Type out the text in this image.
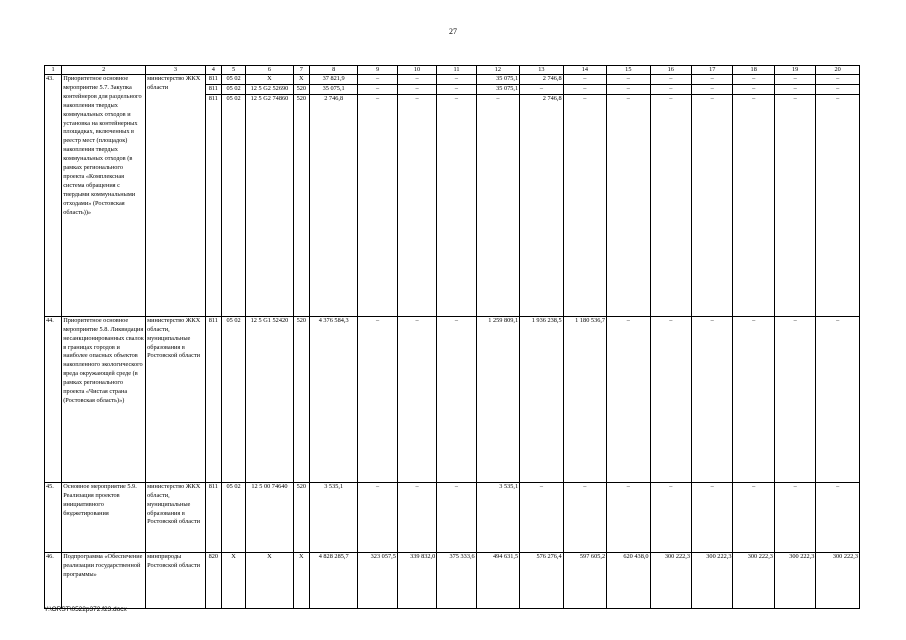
27
1	2	3	4	5	6	7	8	9	10	11	12	13	14	15	16	17	18	19	20
43.	Приоритетное основное мероприятие 5.7. Закупка контейнеров для раздельного накопления твердых коммунальных отходов и установка на контейнерных площадках, включенных в реестр мест (площадок) накопления твердых коммунальных отходов (в рамках регионального проекта «Комплексная система обращения с твердыми коммунальными отходами» (Ростовская область))»	министерство ЖКХ области	811	05 02	X	X	37 821,9	–	–	–	35 075,1	2 746,8	–	–	–	–	–	–	–
			811	05 02	12 5 G2 52690	520	35 075,1	–	–	–	35 075,1	–	–	–	–	–	–	–	–
			811	05 02	12 5 G2 74860	520	2 746,8	–	–	–	–	2 746,8	–	–	–	–	–	–	–
44.	Приоритетное основное мероприятие 5.8. Ликвидация несанкционированных свалок в границах городов и наиболее опасных объектов накопленного экологического вреда окружающей среде (в рамках регионального проекта «Чистая страна (Ростовская область)»)	министерство ЖКХ области, муниципальные образования в Ростовской области	811	05 02	12 5 G1 52420	520	4 376 584,3	–	–	–	1 259 809,1	1 936 238,5	1 180 536,7	–	–	–	–	–	–
45.	Основное мероприятие 5.9. Реализация проектов инициативного бюджетирования	министерство ЖКХ области, муниципальные образования в Ростовской области	811	05 02	12 5 00 74640	520	3 535,1	–	–	–	3 535,1	–	–	–	–	–	–	–	–
46.	Подпрограмма «Обеспечение реализации государственной программы»	минприроды Ростовской области	820	X	X	X	4 828 285,7	323 057,5	339 832,0	375 333,6	494 631,5	576 276,4	597 605,2	620 438,0	300 222,3	300 222,3	300 222,3	300 222,3	300 222,3
Y:\ORST\0522p372.f23.docx
